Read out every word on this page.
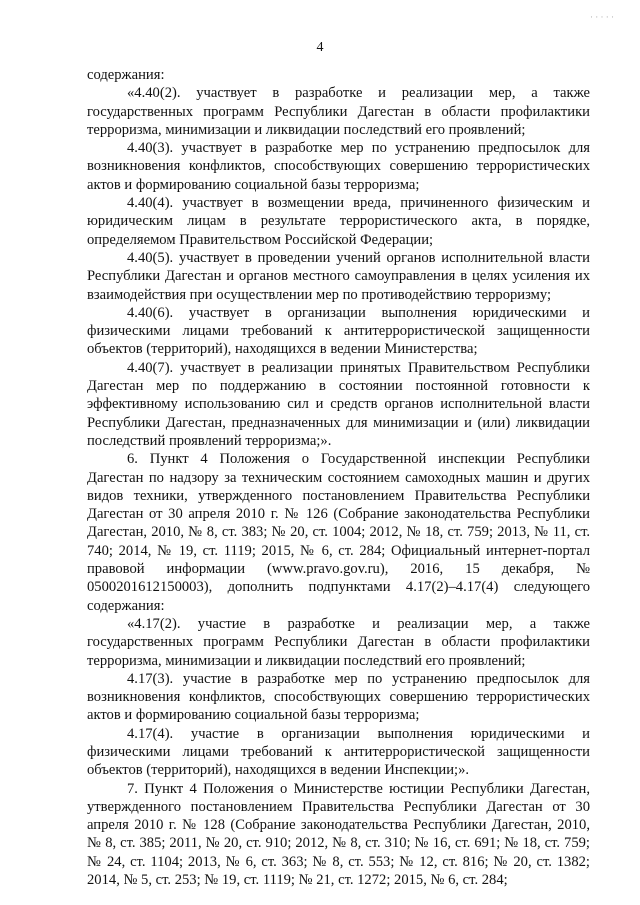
· · · · ·
4

содержания:

«4.40(2). участвует в разработке и реализации мер, а также государственных программ Республики Дагестан в области профилактики терроризма, минимизации и ликвидации последствий его проявлений;

4.40(3). участвует в разработке мер по устранению предпосылок для возникновения конфликтов, способствующих совершению террористических актов и формированию социальной базы терроризма;

4.40(4). участвует в возмещении вреда, причиненного физическим и юридическим лицам в результате террористического акта, в порядке, определяемом Правительством Российской Федерации;

4.40(5). участвует в проведении учений органов исполнительной власти Республики Дагестан и органов местного самоуправления в целях усиления их взаимодействия при осуществлении мер по противодействию терроризму;

4.40(6). участвует в организации выполнения юридическими и физическими лицами требований к антитеррористической защищенности объектов (территорий), находящихся в ведении Министерства;

4.40(7). участвует в реализации принятых Правительством Республики Дагестан мер по поддержанию в состоянии постоянной готовности к эффективному использованию сил и средств органов исполнительной власти Республики Дагестан, предназначенных для минимизации и (или) ликвидации последствий проявлений терроризма;».

6. Пункт 4 Положения о Государственной инспекции Республики Дагестан по надзору за техническим состоянием самоходных машин и других видов техники, утвержденного постановлением Правительства Республики Дагестан от 30 апреля 2010 г. № 126 (Собрание законодательства Республики Дагестан, 2010, № 8, ст. 383; № 20, ст. 1004; 2012, № 18, ст. 759; 2013, № 11, ст. 740; 2014, № 19, ст. 1119; 2015, № 6, ст. 284; Официальный интернет-портал правовой информации (www.pravo.gov.ru), 2016, 15 декабря, № 0500201612150003), дополнить подпунктами 4.17(2)–4.17(4) следующего содержания:

«4.17(2). участие в разработке и реализации мер, а также государственных программ Республики Дагестан в области профилактики терроризма, минимизации и ликвидации последствий его проявлений;

4.17(3). участие в разработке мер по устранению предпосылок для возникновения конфликтов, способствующих совершению террористических актов и формированию социальной базы терроризма;

4.17(4). участие в организации выполнения юридическими и физическими лицами требований к антитеррористической защищенности объектов (территорий), находящихся в ведении Инспекции;».

7. Пункт 4 Положения о Министерстве юстиции Республики Дагестан, утвержденного постановлением Правительства Республики Дагестан от 30 апреля 2010 г. № 128 (Собрание законодательства Республики Дагестан, 2010, № 8, ст. 385; 2011, № 20, ст. 910; 2012, № 8, ст. 310; № 16, ст. 691; № 18, ст. 759; № 24, ст. 1104; 2013, № 6, ст. 363; № 8, ст. 553; № 12, ст. 816; № 20, ст. 1382; 2014, № 5, ст. 253; № 19, ст. 1119; № 21, ст. 1272; 2015, № 6, ст. 284;
